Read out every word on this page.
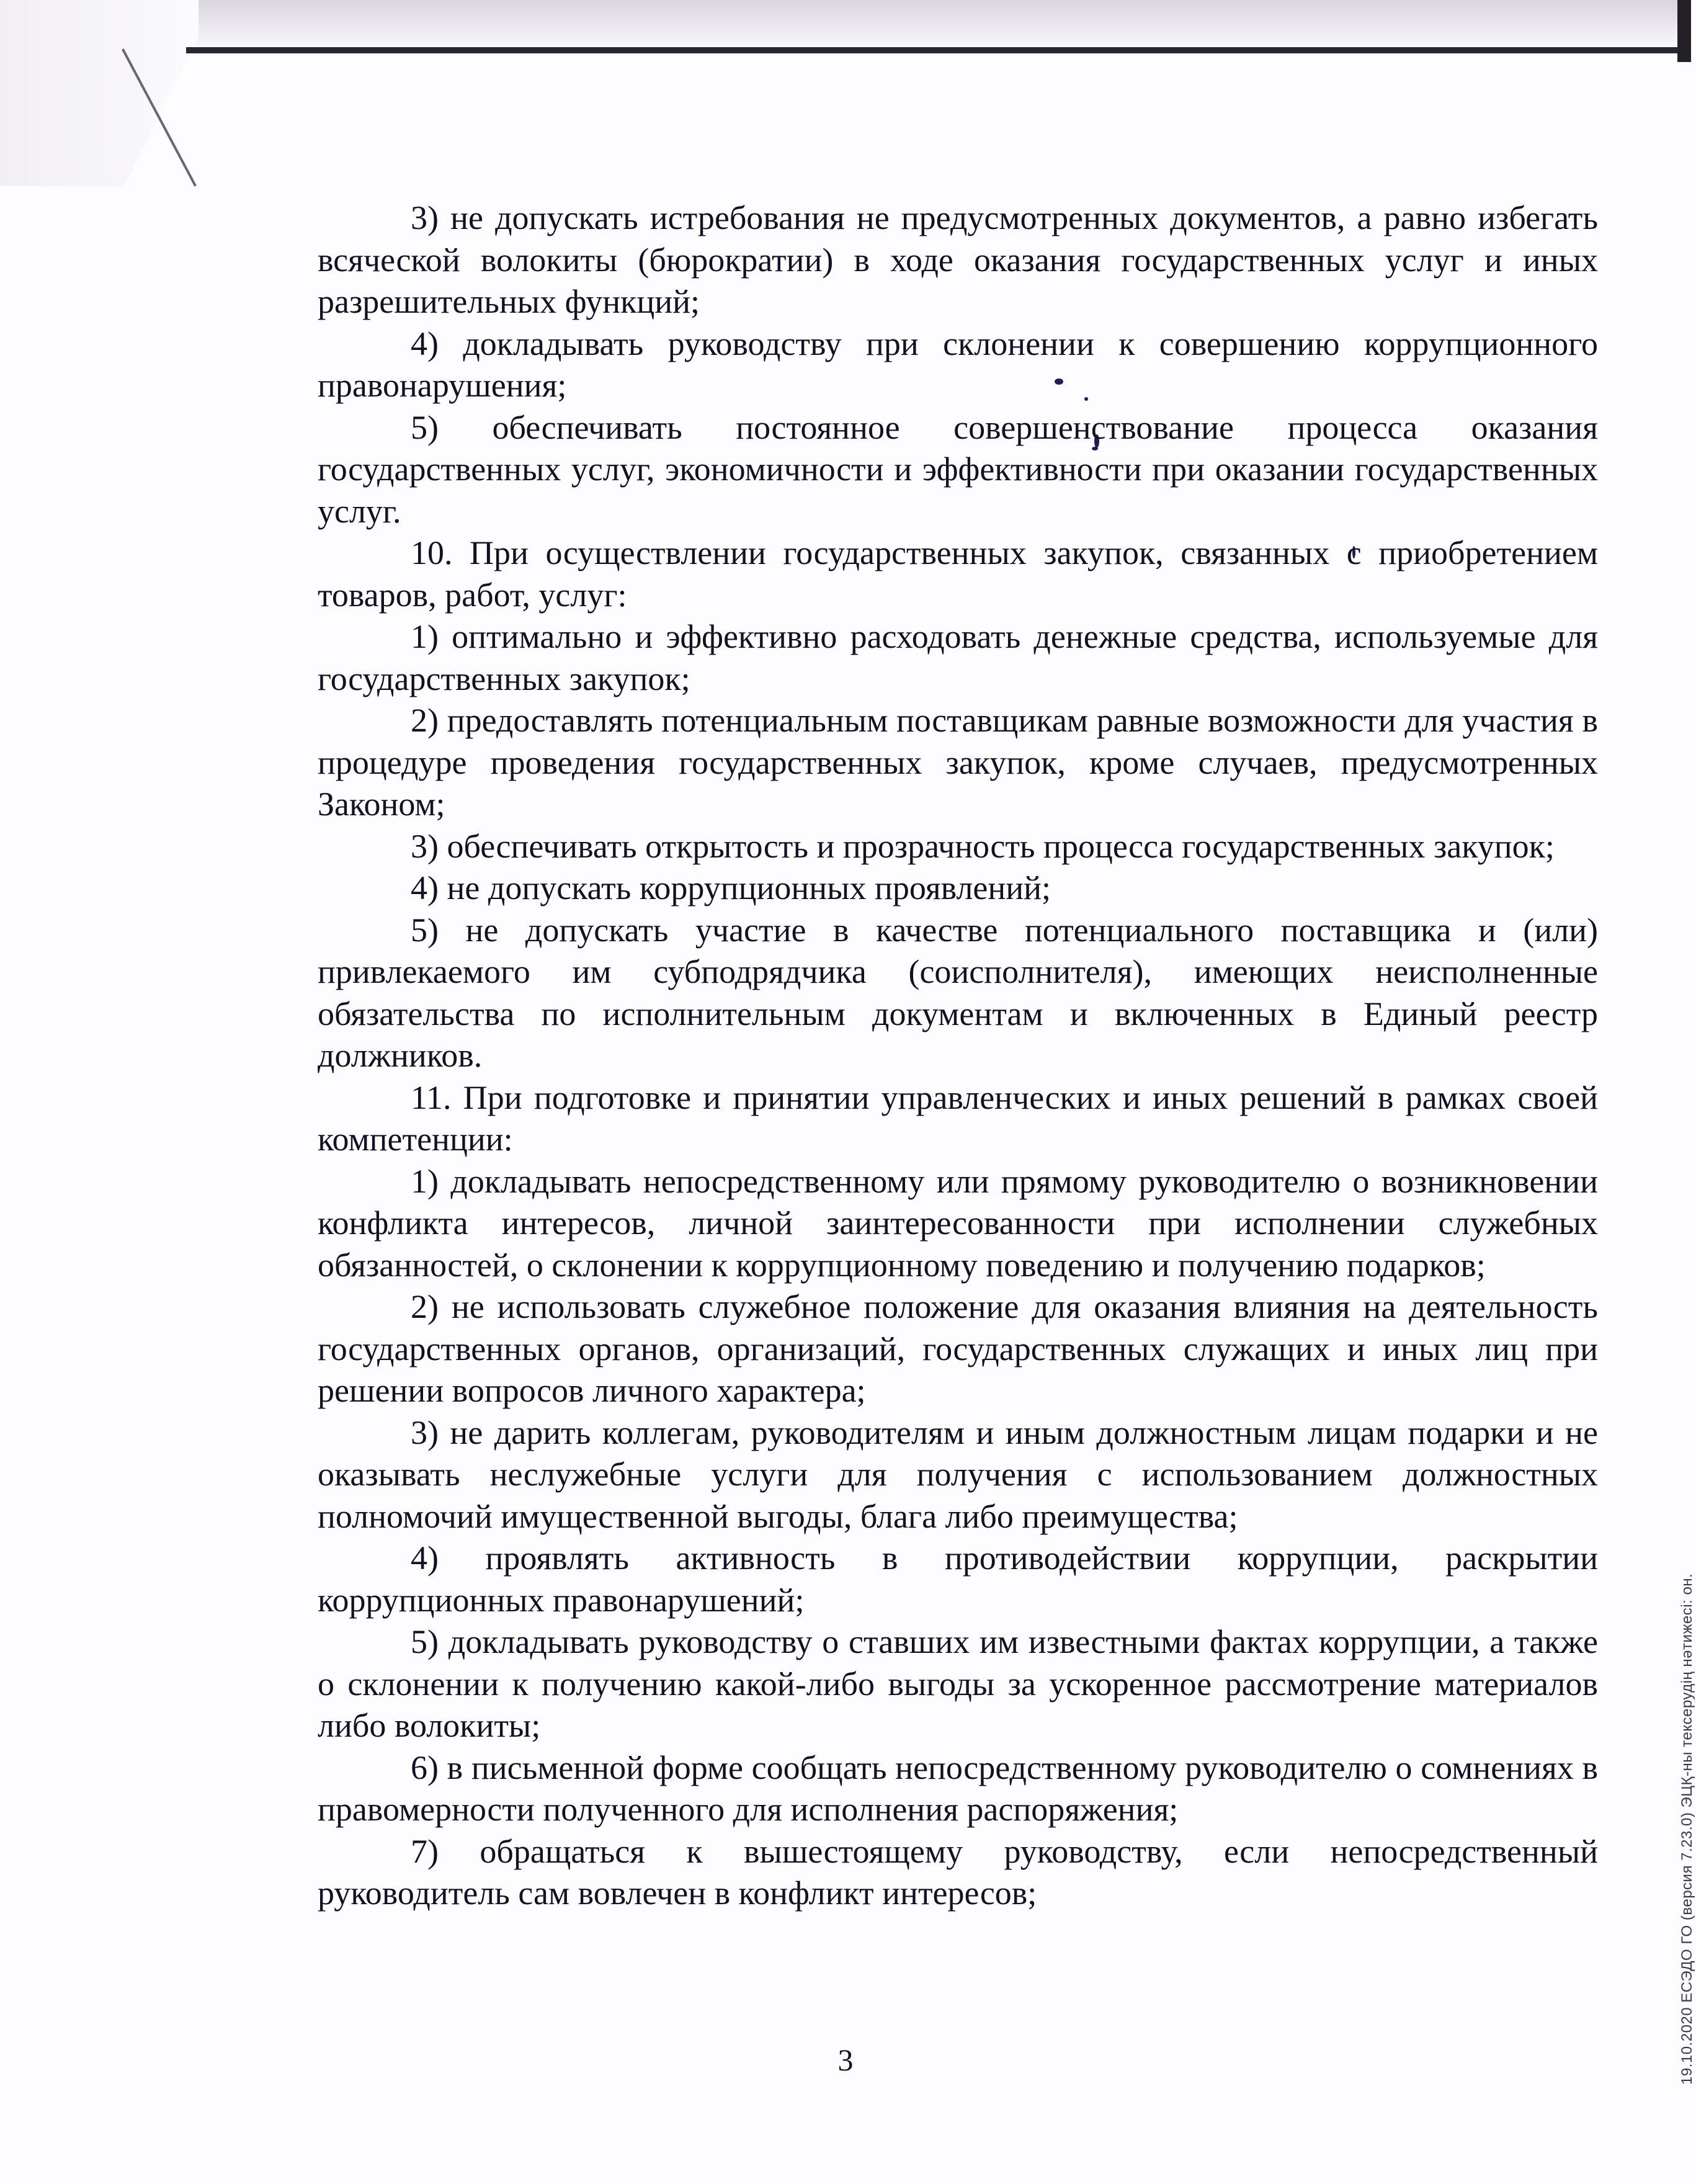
3) не допускать истребования не предусмотренных документов, а равно избегать всяческой волокиты (бюрократии) в ходе оказания государственных услуг и иных разрешительных функций;

4) докладывать руководству при склонении к совершению коррупционного правонарушения;

5) обеспечивать постоянное совершенствование процесса оказания государственных услуг, экономичности и эффективности при оказании государственных услуг.

10. При осуществлении государственных закупок, связанных с приобретением товаров, работ, услуг:

1) оптимально и эффективно расходовать денежные средства, используемые для государственных закупок;

2) предоставлять потенциальным поставщикам равные возможности для участия в процедуре проведения государственных закупок, кроме случаев, предусмотренных Законом;

3) обеспечивать открытость и прозрачность процесса государственных закупок;

4) не допускать коррупционных проявлений;

5) не допускать участие в качестве потенциального поставщика и (или) привлекаемого им субподрядчика (соисполнителя), имеющих неисполненные обязательства по исполнительным документам и включенных в Единый реестр должников.

11. При подготовке и принятии управленческих и иных решений в рамках своей компетенции:

1) докладывать непосредственному или прямому руководителю о возникновении конфликта интересов, личной заинтересованности при исполнении служебных обязанностей, о склонении к коррупционному поведению и получению подарков;

2) не использовать служебное положение для оказания влияния на деятельность государственных органов, организаций, государственных служащих и иных лиц при решении вопросов личного характера;

3) не дарить коллегам, руководителям и иным должностным лицам подарки и не оказывать неслужебные услуги для получения с использованием должностных полномочий имущественной выгоды, блага либо преимущества;

4) проявлять активность в противодействии коррупции, раскрытии коррупционных правонарушений;

5) докладывать руководству о ставших им известными фактах коррупции, а также о склонении к получению какой-либо выгоды за ускоренное рассмотрение материалов либо волокиты;

6) в письменной форме сообщать непосредственному руководителю о сомнениях в правомерности полученного для исполнения распоряжения;

7) обращаться к вышестоящему руководству, если непосредственный руководитель сам вовлечен в конфликт интересов;

3	19.10.2020 ЕСЭДО ГО (версия 7.23.0) ЭЦҚ-ны тексерудің нәтижесі: он.
